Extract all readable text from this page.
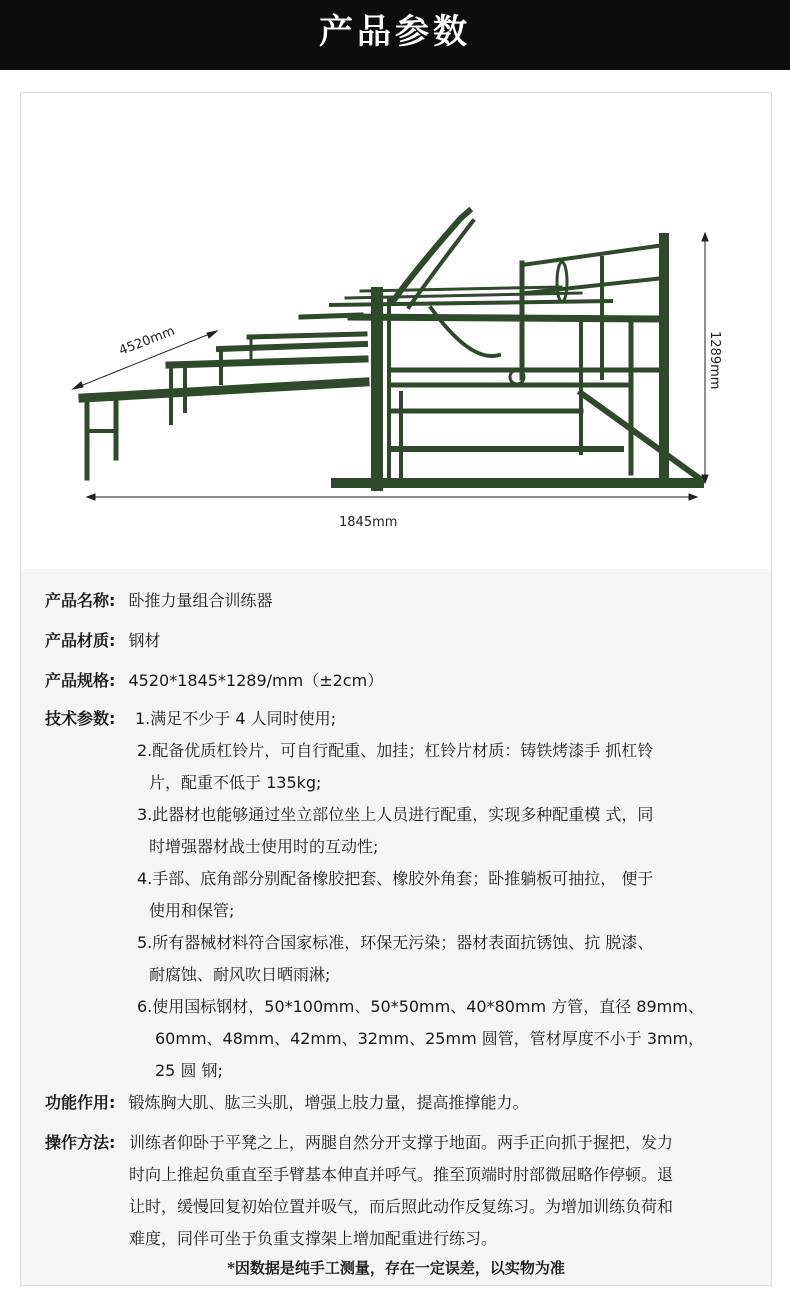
产品参数
4520mm
1845mm
1289mm
产品名称: 卧推力量组合训练器
产品材质: 钢材
产品规格: 4520*1845*1289/mm（±2cm）
技术参数: 1.满足不少于 4 人同时使用;
2.配备优质杠铃片，可自行配重、加挂；杠铃片材质：铸铁烤漆手 抓杠铃
片，配重不低于 135kg;
3.此器材也能够通过坐立部位坐上人员进行配重，实现多种配重模 式，同
时增强器材战士使用时的互动性;
4.手部、底角部分别配备橡胶把套、橡胶外角套；卧推躺板可抽拉， 便于
使用和保管;
5.所有器械材料符合国家标准，环保无污染；器材表面抗锈蚀、抗 脱漆、
耐腐蚀、耐风吹日晒雨淋;
6.使用国标钢材，50*100mm、50*50mm、40*80mm 方管，直径 89mm、
60mm、48mm、42mm、32mm、25mm 圆管，管材厚度不小于 3mm，
25 圆 钢;
功能作用: 锻炼胸大肌、肱三头肌，增强上肢力量，提高推撑能力。
操作方法: 训练者仰卧于平凳之上，两腿自然分开支撑于地面。两手正向抓于握把，发力
时向上推起负重直至手臂基本伸直并呼气。推至顶端时肘部微屈略作停顿。退
让时，缓慢回复初始位置并吸气，而后照此动作反复练习。为增加训练负荷和
难度，同伴可坐于负重支撑架上增加配重进行练习。
*因数据是纯手工测量，存在一定误差，以实物为准
